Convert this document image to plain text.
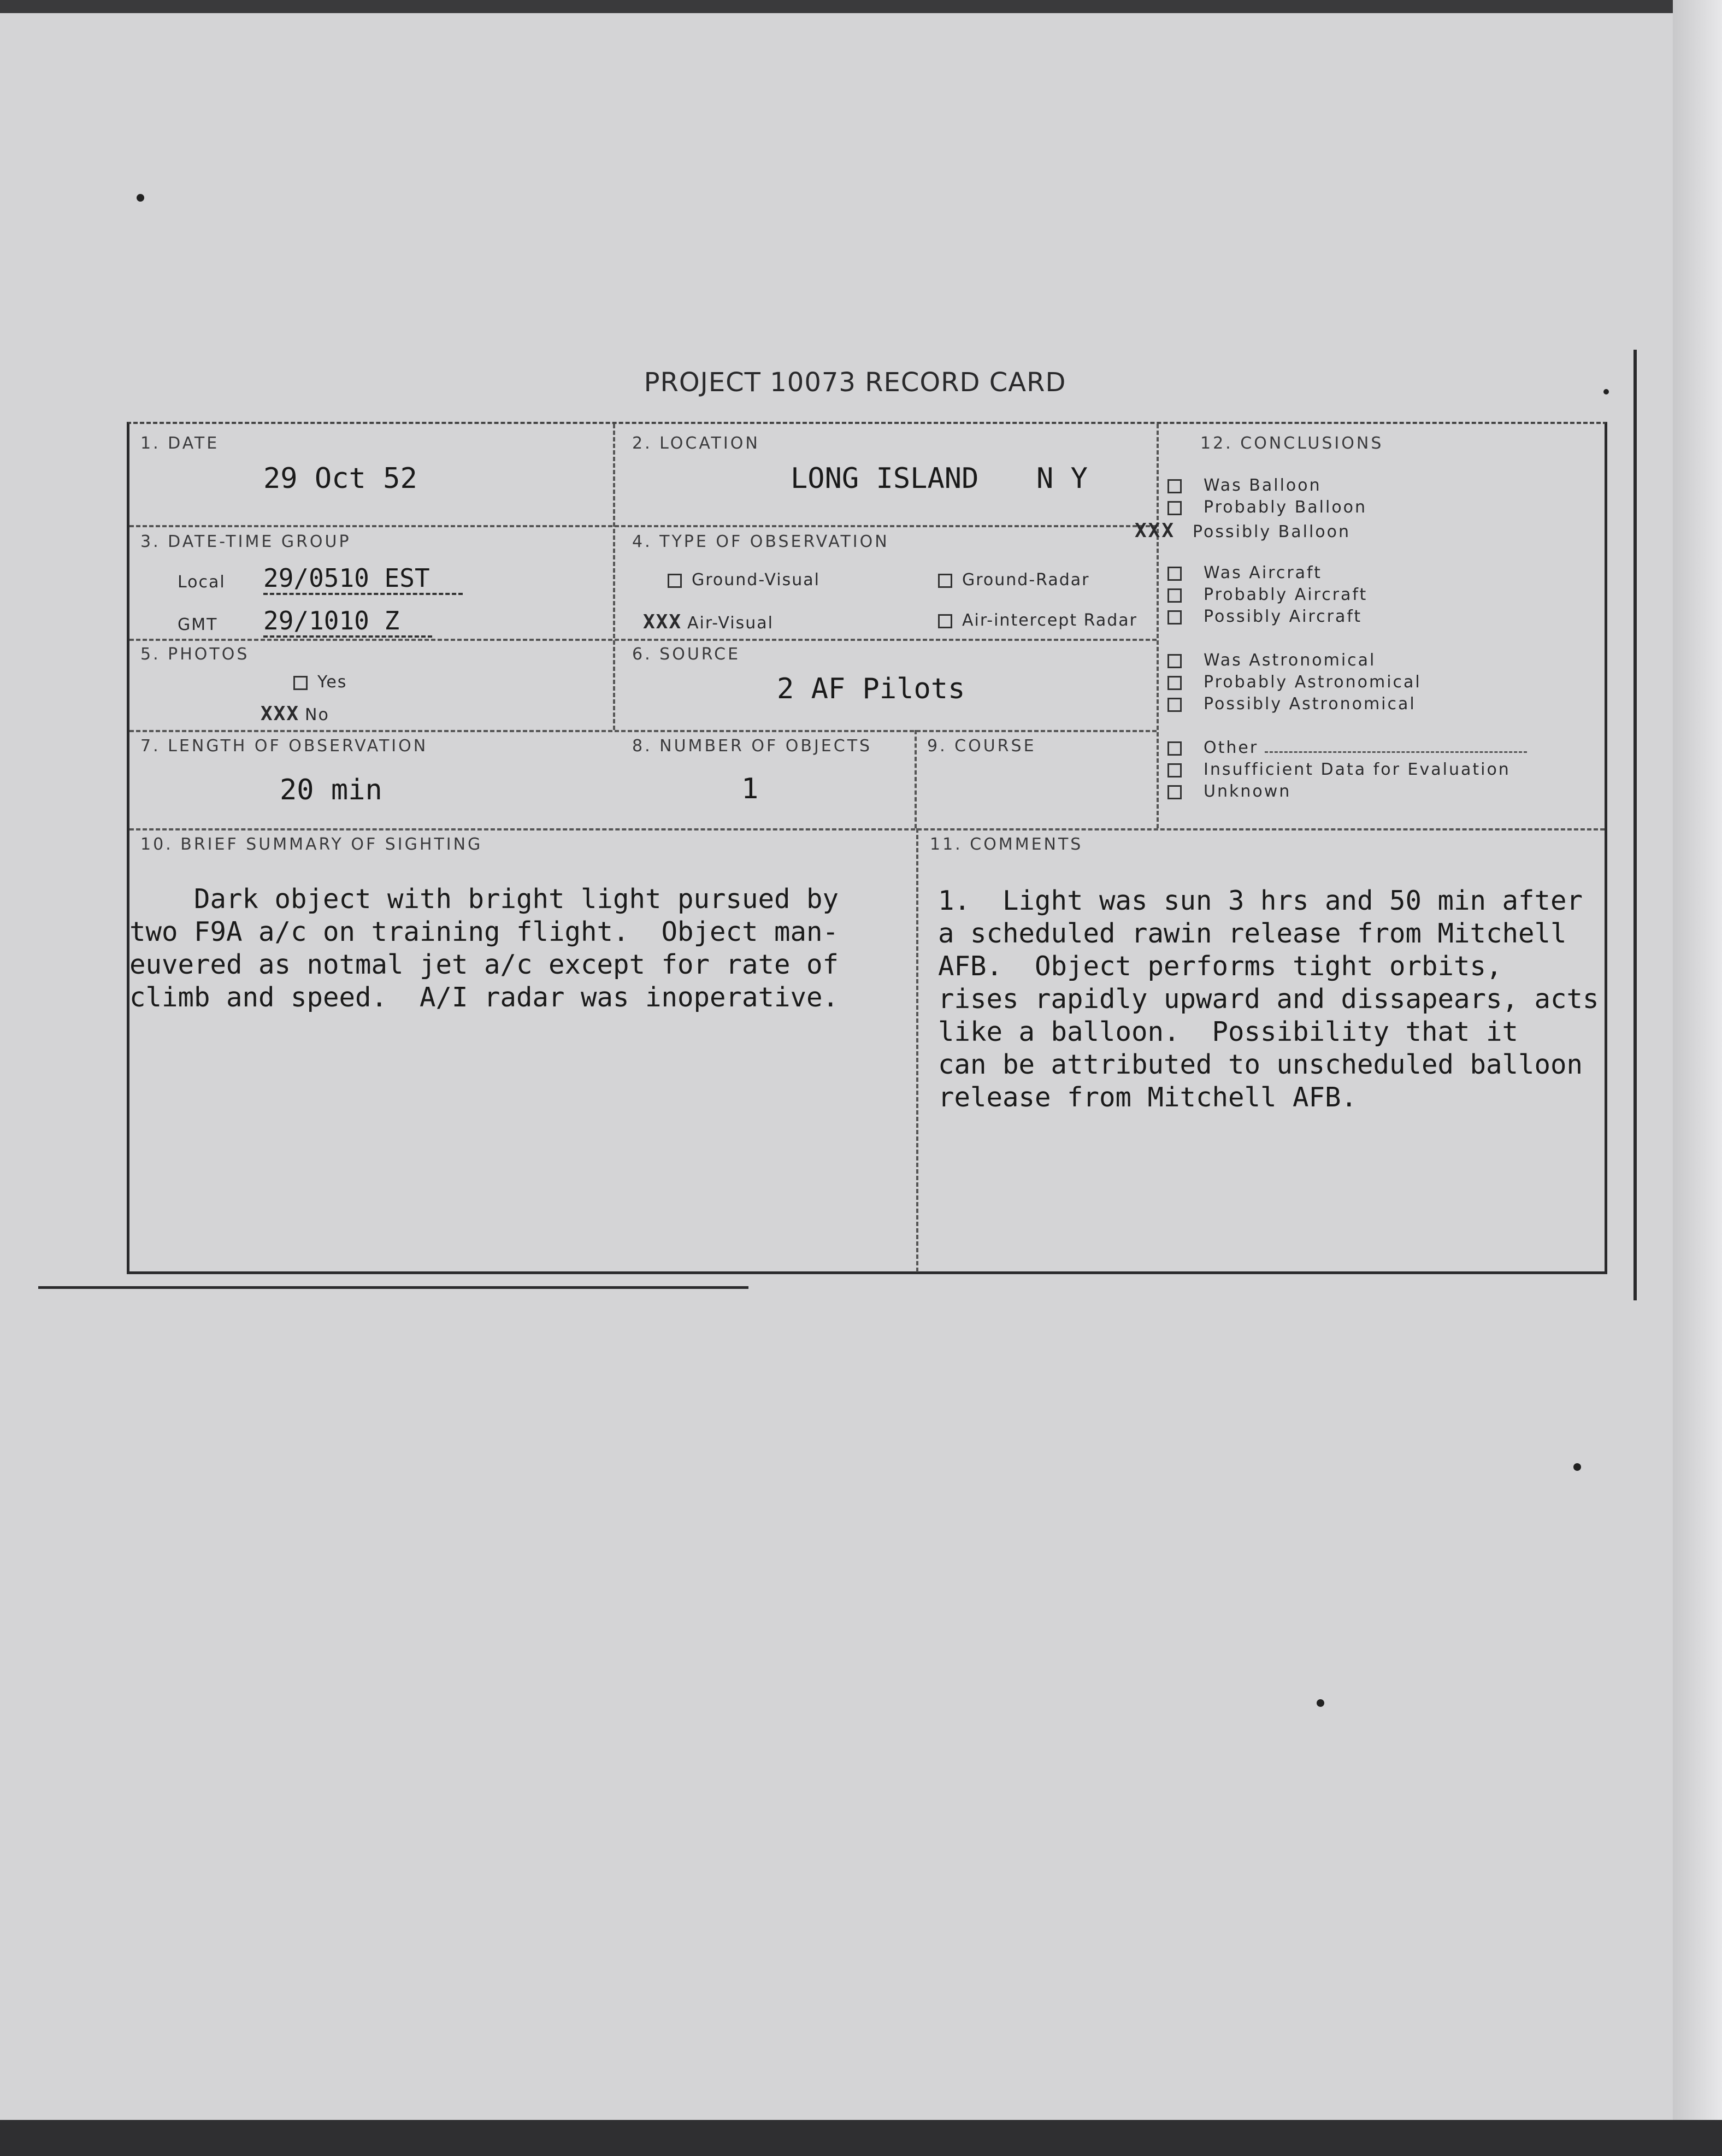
PROJECT 10073 RECORD CARD
1. DATE
29 Oct 52
2. LOCATION
LONG ISLAND N Y
3. DATE-TIME GROUP
Local 29/0510 EST
GMT 29/1010 Z
4. TYPE OF OBSERVATION
Ground-Visual	Ground-Radar
XXX Air-Visual	Air-intercept Radar
5. PHOTOS
Yes
XXX No
6. SOURCE
2 AF Pilots
7. LENGTH OF OBSERVATION
20 min
8. NUMBER OF OBJECTS
1
9. COURSE
12. CONCLUSIONS
Was Balloon
Probably Balloon
XXX Possibly Balloon
Was Aircraft
Probably Aircraft
Possibly Aircraft
Was Astronomical
Probably Astronomical
Possibly Astronomical
Other
Insufficient Data for Evaluation
Unknown
10. BRIEF SUMMARY OF SIGHTING
Dark object with bright light pursued by
two F9A a/c on training flight.  Object man-
euvered as notmal jet a/c except for rate of
climb and speed.  A/I radar was inoperative.
11. COMMENTS
1.  Light was sun 3 hrs and 50 min after
a scheduled rawin release from Mitchell
AFB.  Object performs tight orbits,
rises rapidly upward and dissapears, acts
like a balloon.  Possibility that it
can be attributed to unscheduled balloon
release from Mitchell AFB.
